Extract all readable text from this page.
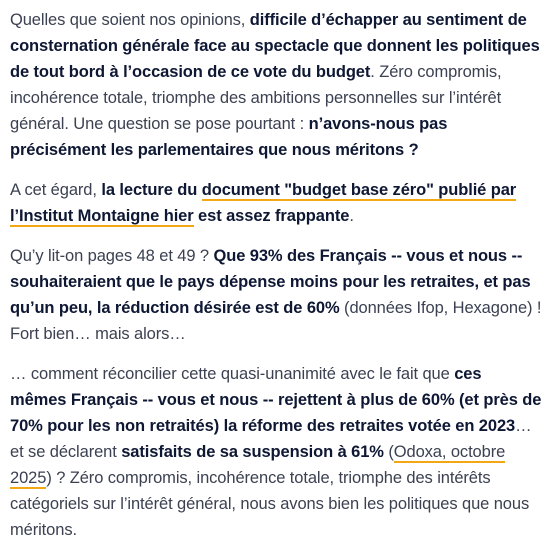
Quelles que soient nos opinions, difficile d’échapper au sentiment de consternation générale face au spectacle que donnent les politiques de tout bord à l’occasion de ce vote du budget. Zéro compromis, incohérence totale, triomphe des ambitions personnelles sur l’intérêt général. Une question se pose pourtant : n’avons-nous pas précisément les parlementaires que nous méritons ?

A cet égard, la lecture du document "budget base zéro" publié par l’Institut Montaigne hier est assez frappante.

Qu’y lit-on pages 48 et 49 ? Que 93% des Français -- vous et nous -- souhaiteraient que le pays dépense moins pour les retraites, et pas qu’un peu, la réduction désirée est de 60% (données Ifop, Hexagone) ! Fort bien… mais alors…

… comment réconcilier cette quasi-unanimité avec le fait que ces mêmes Français -- vous et nous -- rejettent à plus de 60% (et près de 70% pour les non retraités) la réforme des retraites votée en 2023… et se déclarent satisfaits de sa suspension à 61% (Odoxa, octobre 2025) ? Zéro compromis, incohérence totale, triomphe des intérêts catégoriels sur l’intérêt général, nous avons bien les politiques que nous méritons.
